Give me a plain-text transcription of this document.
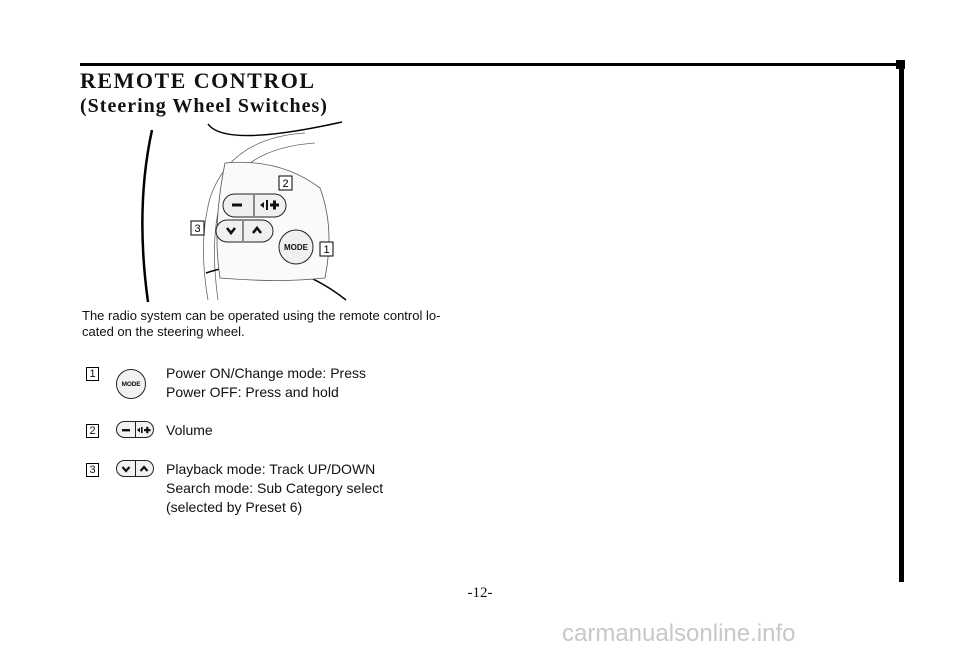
REMOTE CONTROL
(Steering Wheel Switches)
MODE
2
3
1

The radio system can be operated using the remote control lo-
cated on the steering wheel.

1
MODE

Power ON/Change mode: Press

Power OFF: Press and hold

2	Volume

3	Playback mode: Track UP/DOWN

Search mode: Sub Category select

(selected by Preset 6)

-12-
carmanualsonline.info
